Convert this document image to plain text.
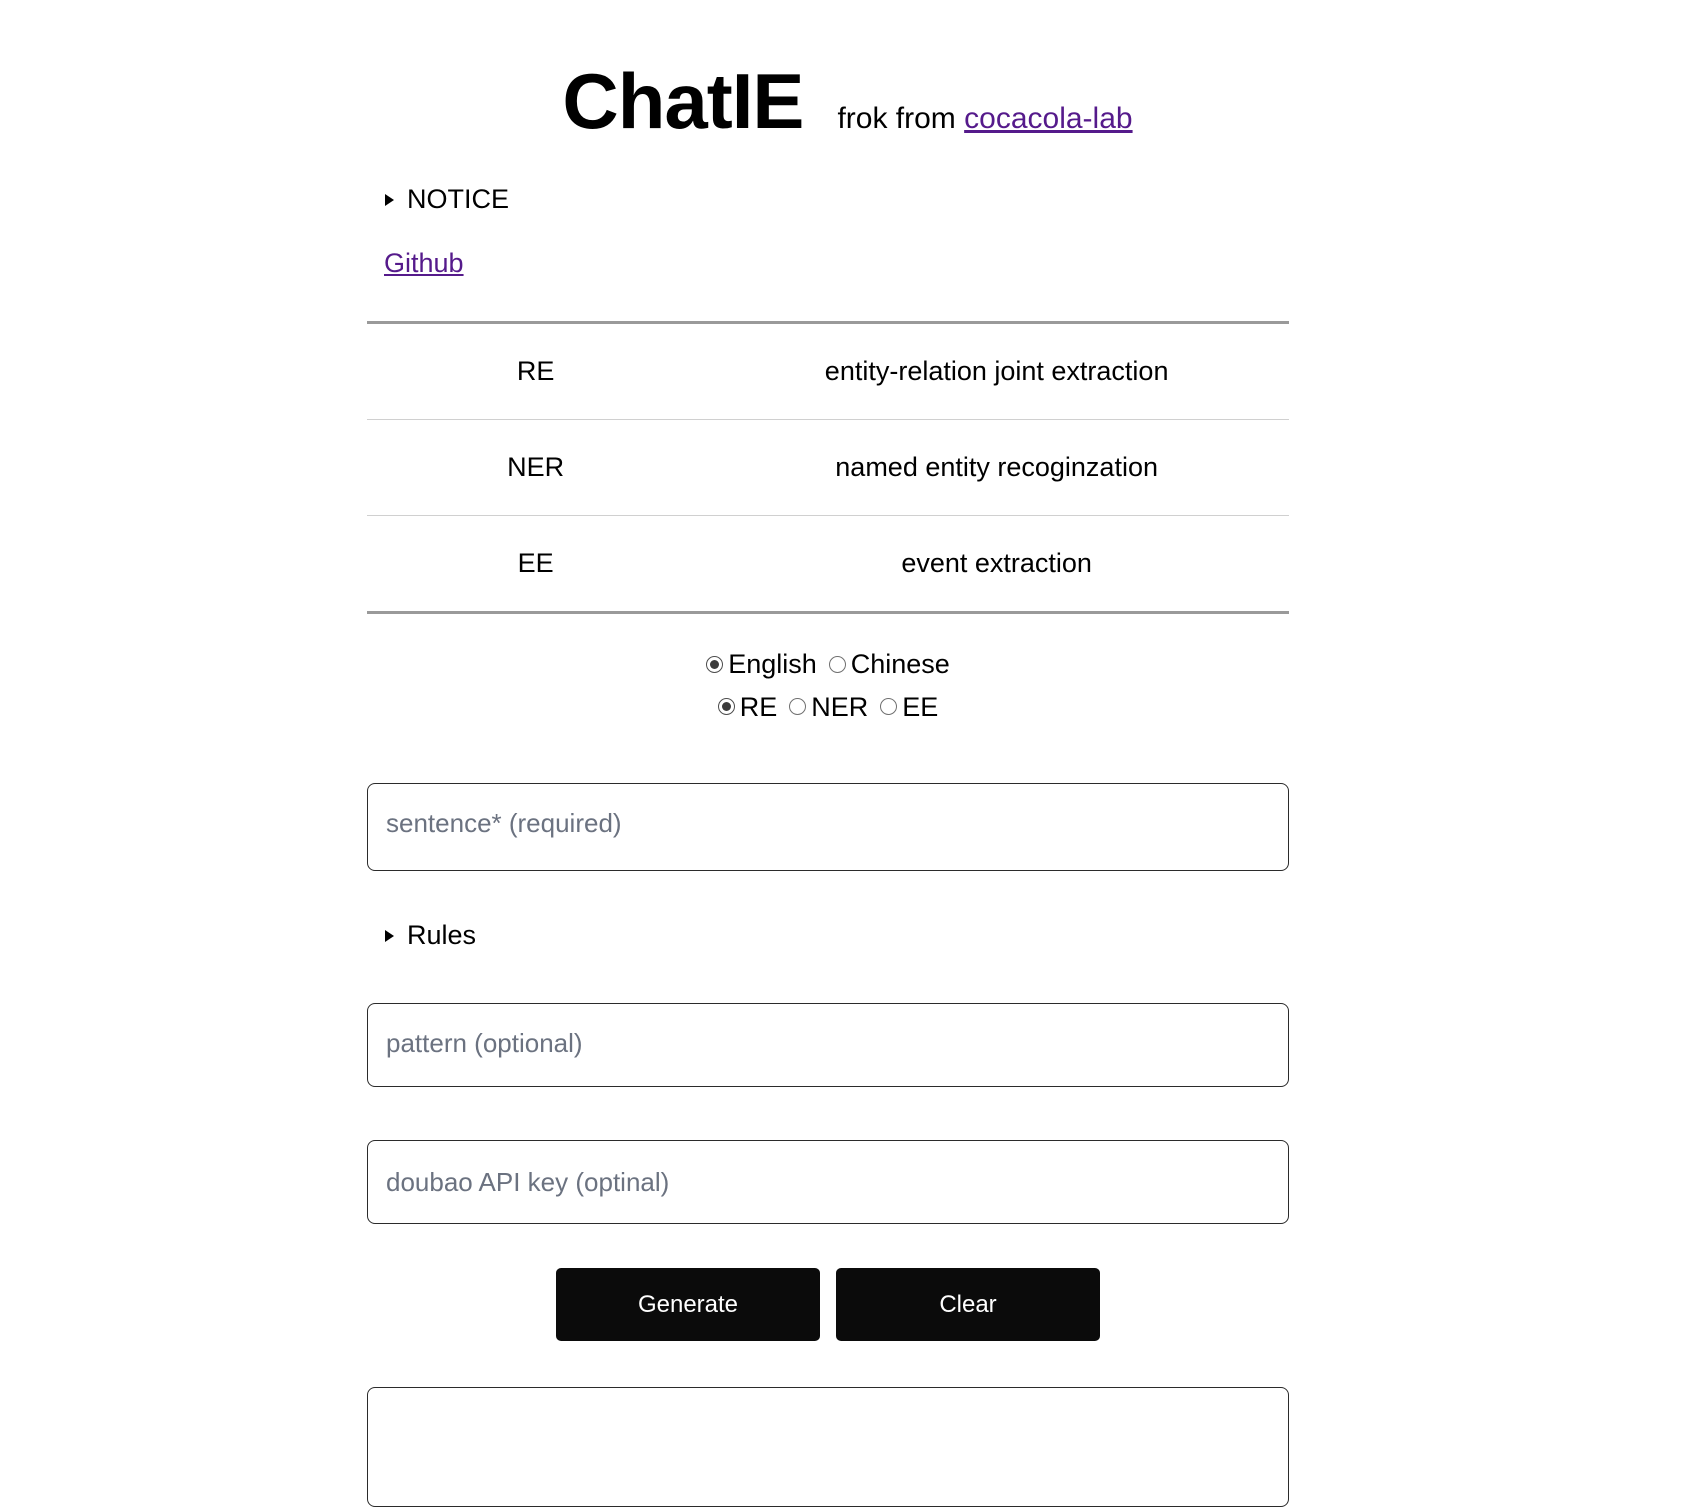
ChatIE frok from cocacola-lab
NOTICE
Github
RE	entity-relation joint extraction
NER	named entity recoginzation
EE	event extraction
English Chinese
RE NER EE
sentence* (required)
Rules
pattern (optional) doubao API key (optinal)
Generate	Clear
